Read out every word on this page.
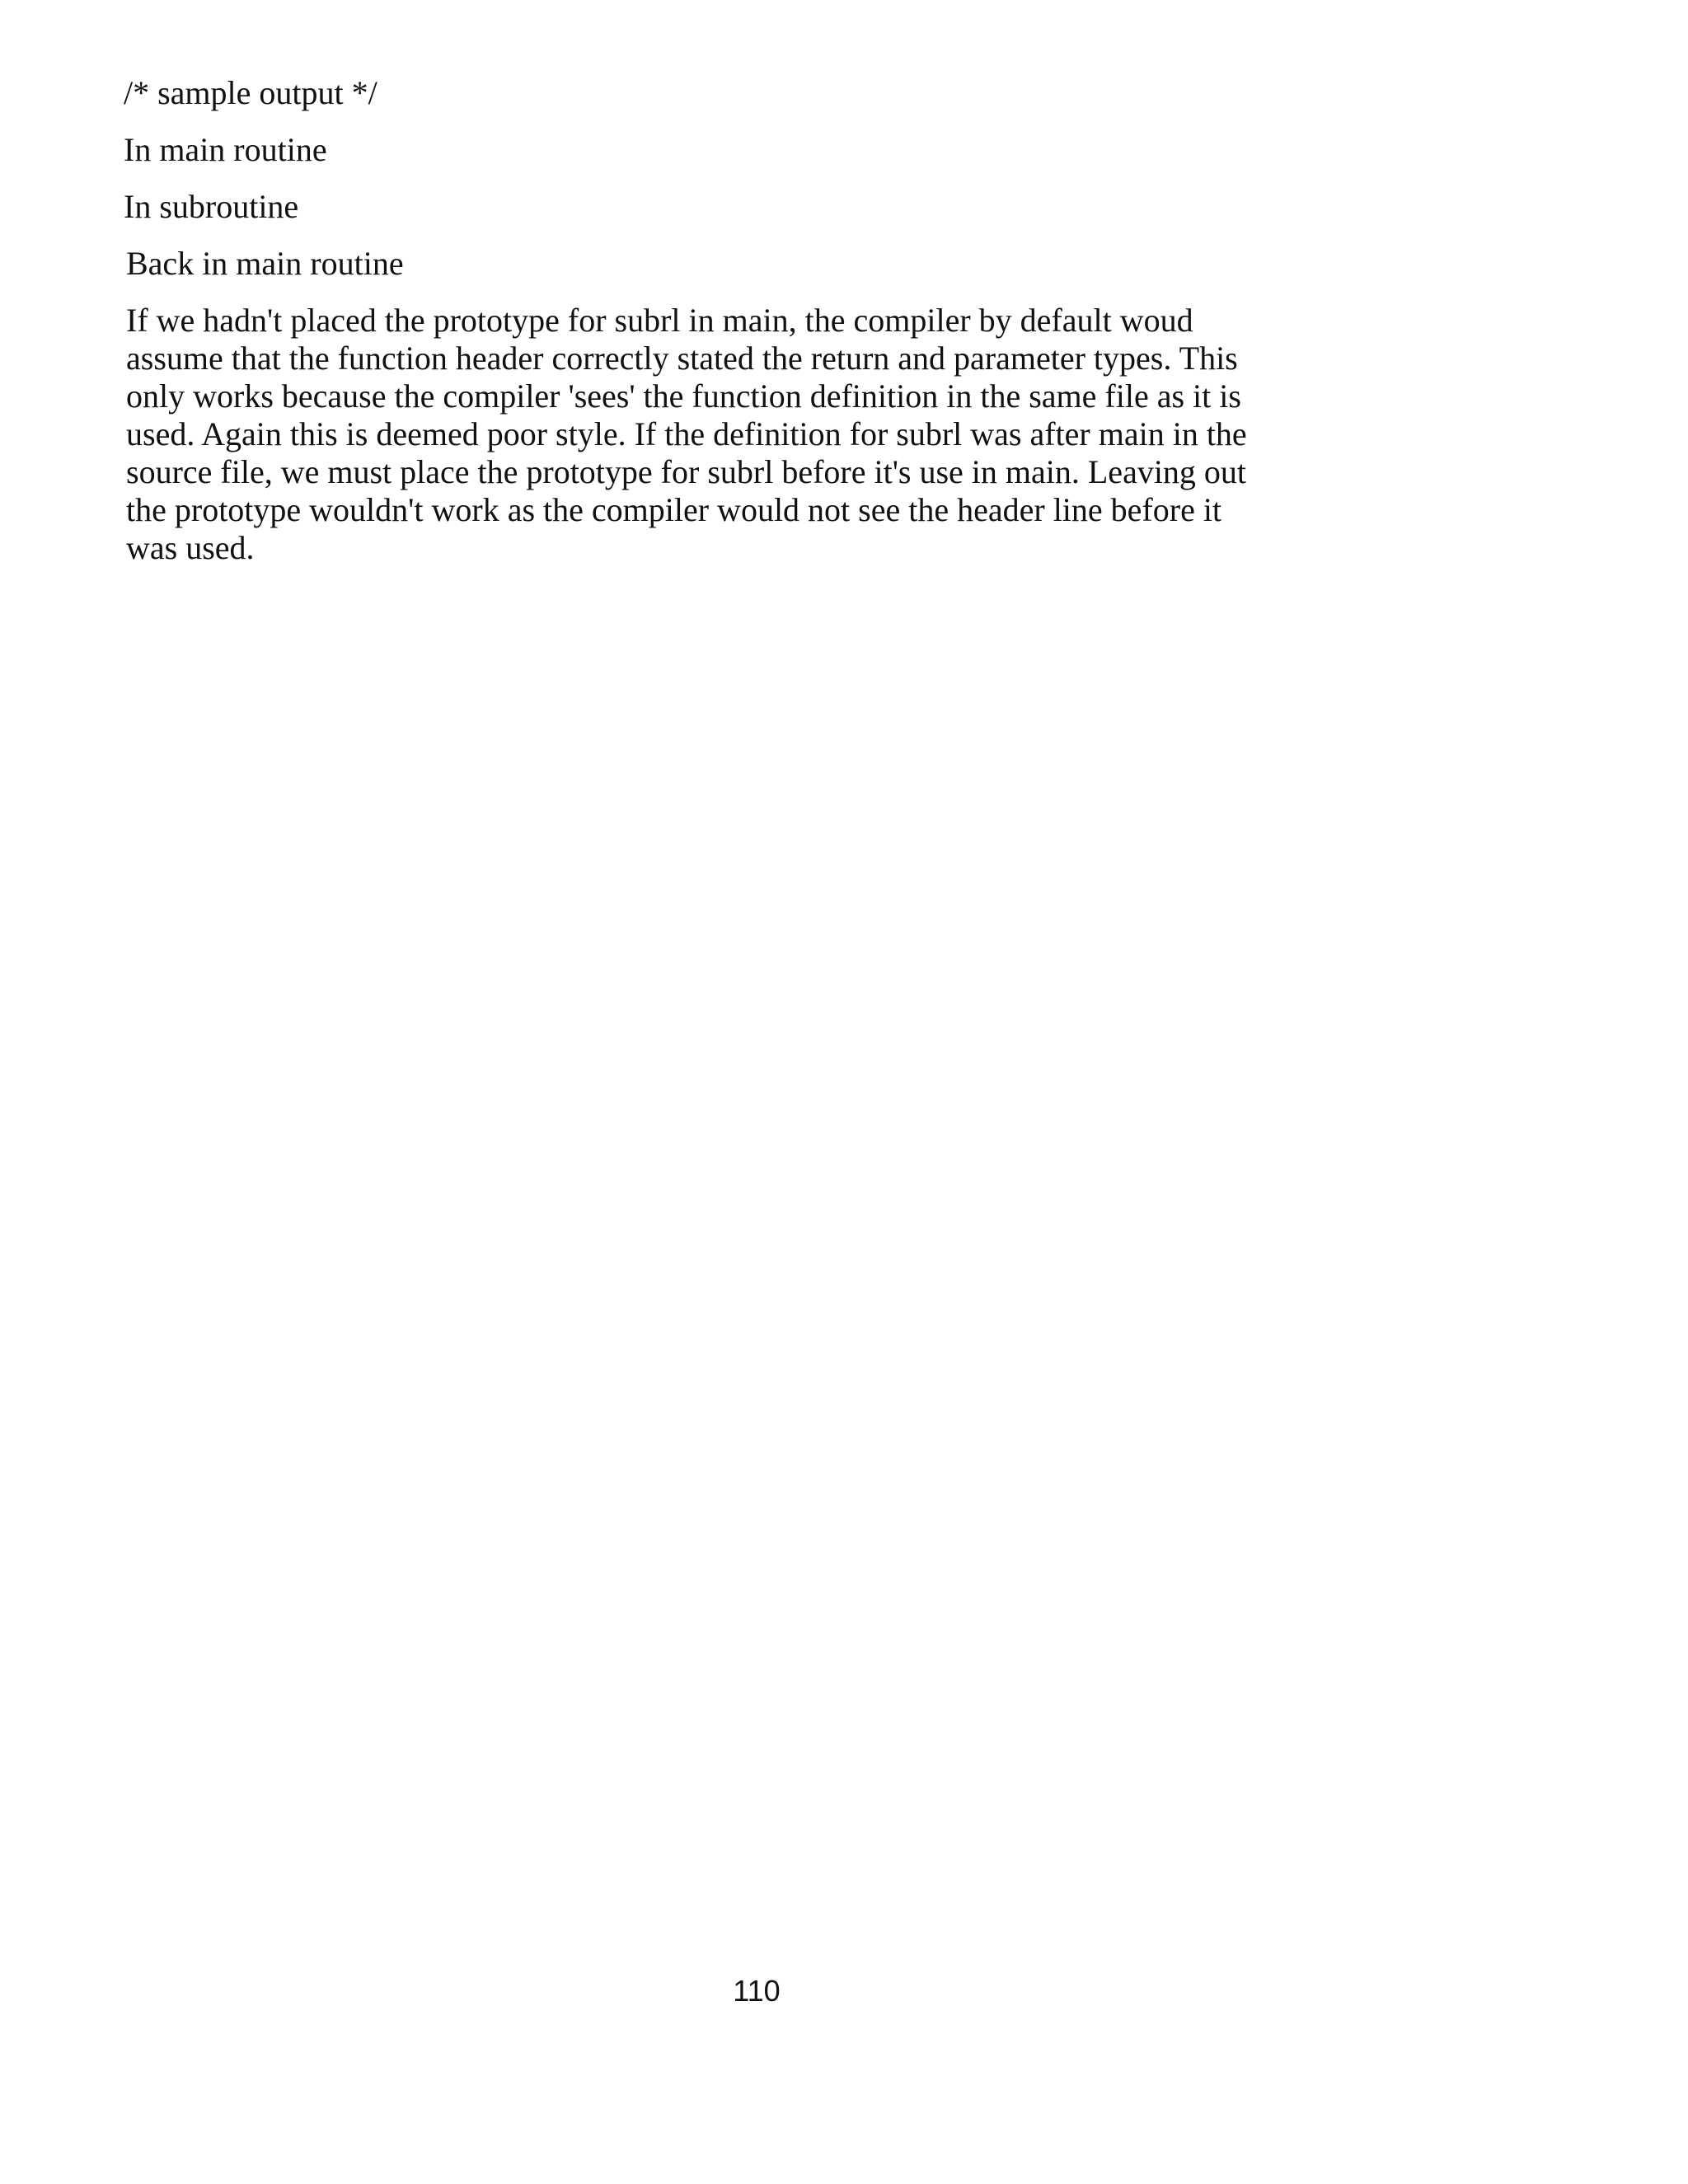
/* sample output */

In main routine

In subroutine

Back in main routine

If we hadn't placed the prototype for subrl in main, the compiler by default woud
assume that the function header correctly stated the return and parameter types. This
only works because the compiler 'sees' the function definition in the same file as it is
used. Again this is deemed poor style. If the definition for subrl was after main in the
source file, we must place the prototype for subrl before it's use in main. Leaving out
the prototype wouldn't work as the compiler would not see the header line before it
was used.

110
